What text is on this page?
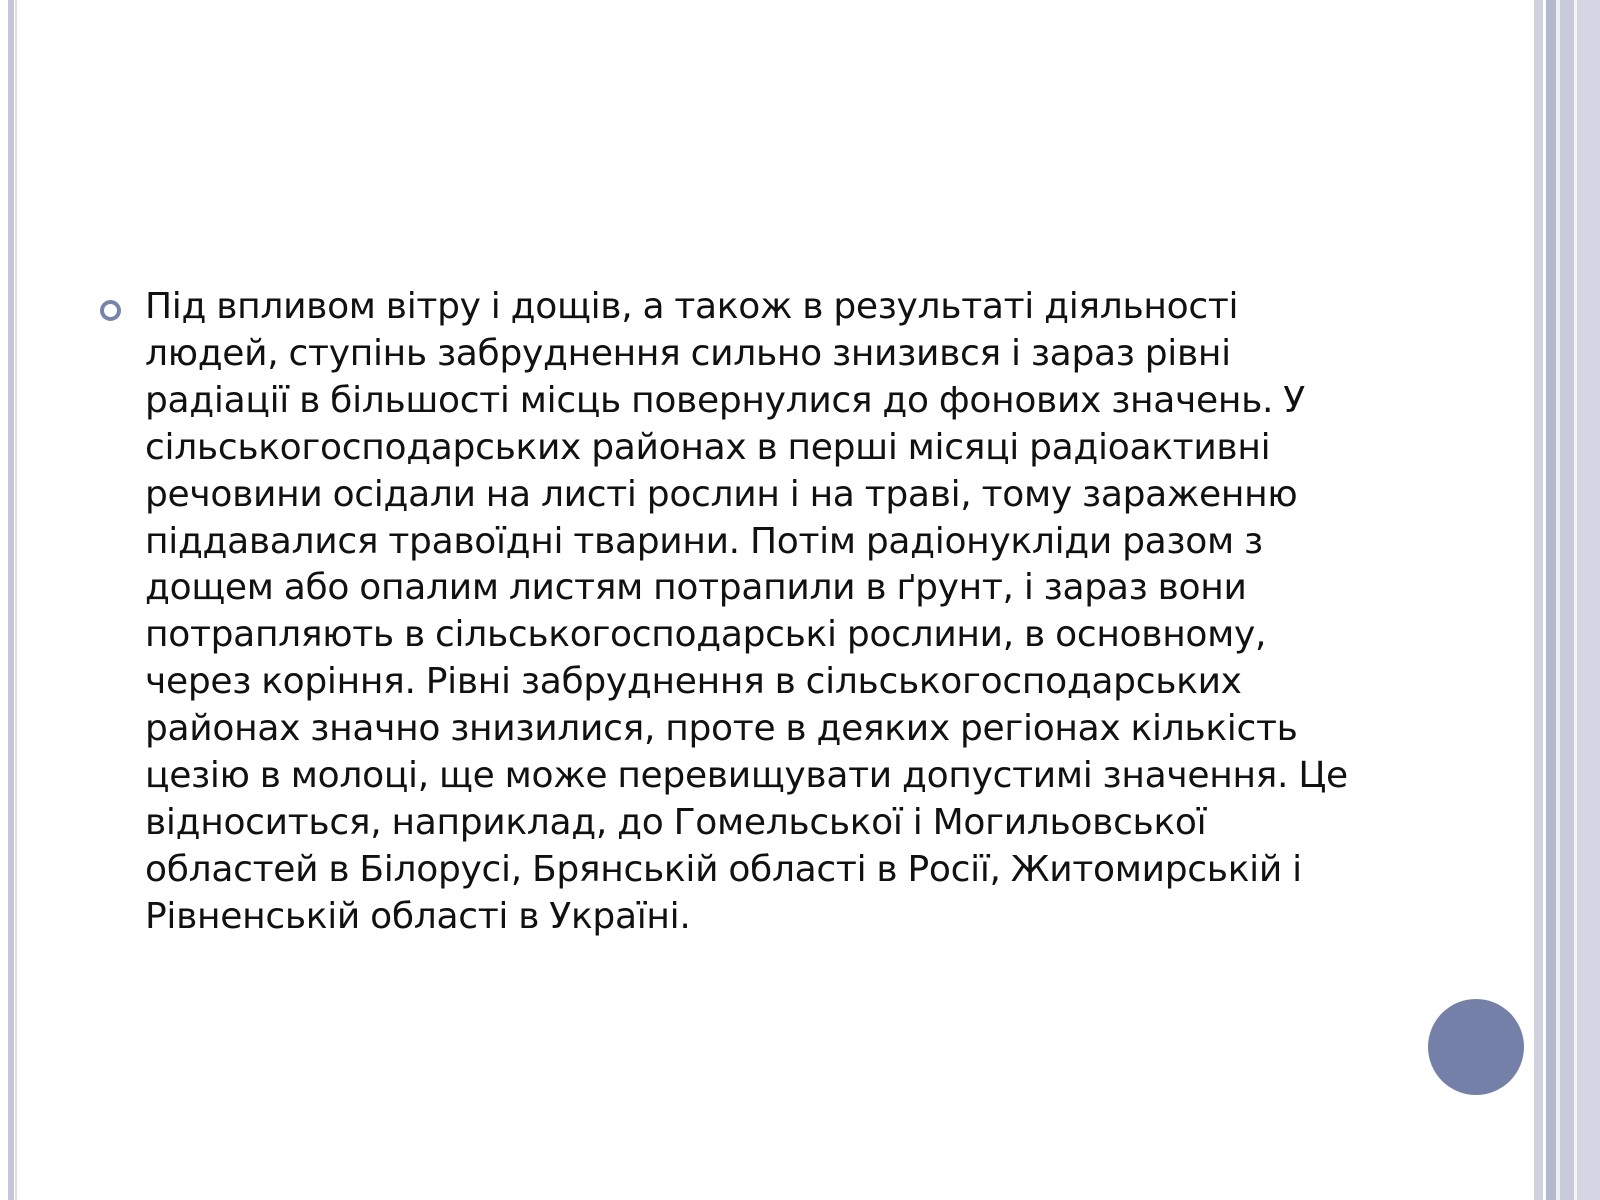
Під впливом вітру і дощів, а також в результаті діяльності людей, ступінь забруднення сильно знизився і зараз рівні радіації в більшості місць повернулися до фонових значень. У сільськогосподарських районах в перші місяці радіоактивні речовини осідали на листі рослин і на траві, тому зараженню піддавалися травоїдні тварини. Потім радіонукліди разом з дощем або опалим листям потрапили в ґрунт, і зараз вони потрапляють в сільськогосподарські рослини, в основному, через коріння. Рівні забруднення в сільськогосподарських районах значно знизилися, проте в деяких регіонах кількість цезію в молоці, ще може перевищувати допустимі значення. Це відноситься, наприклад, до Гомельської і Могильовської областей в Білорусі, Брянській області в Росії, Житомирській і Рівненській області в Україні.
